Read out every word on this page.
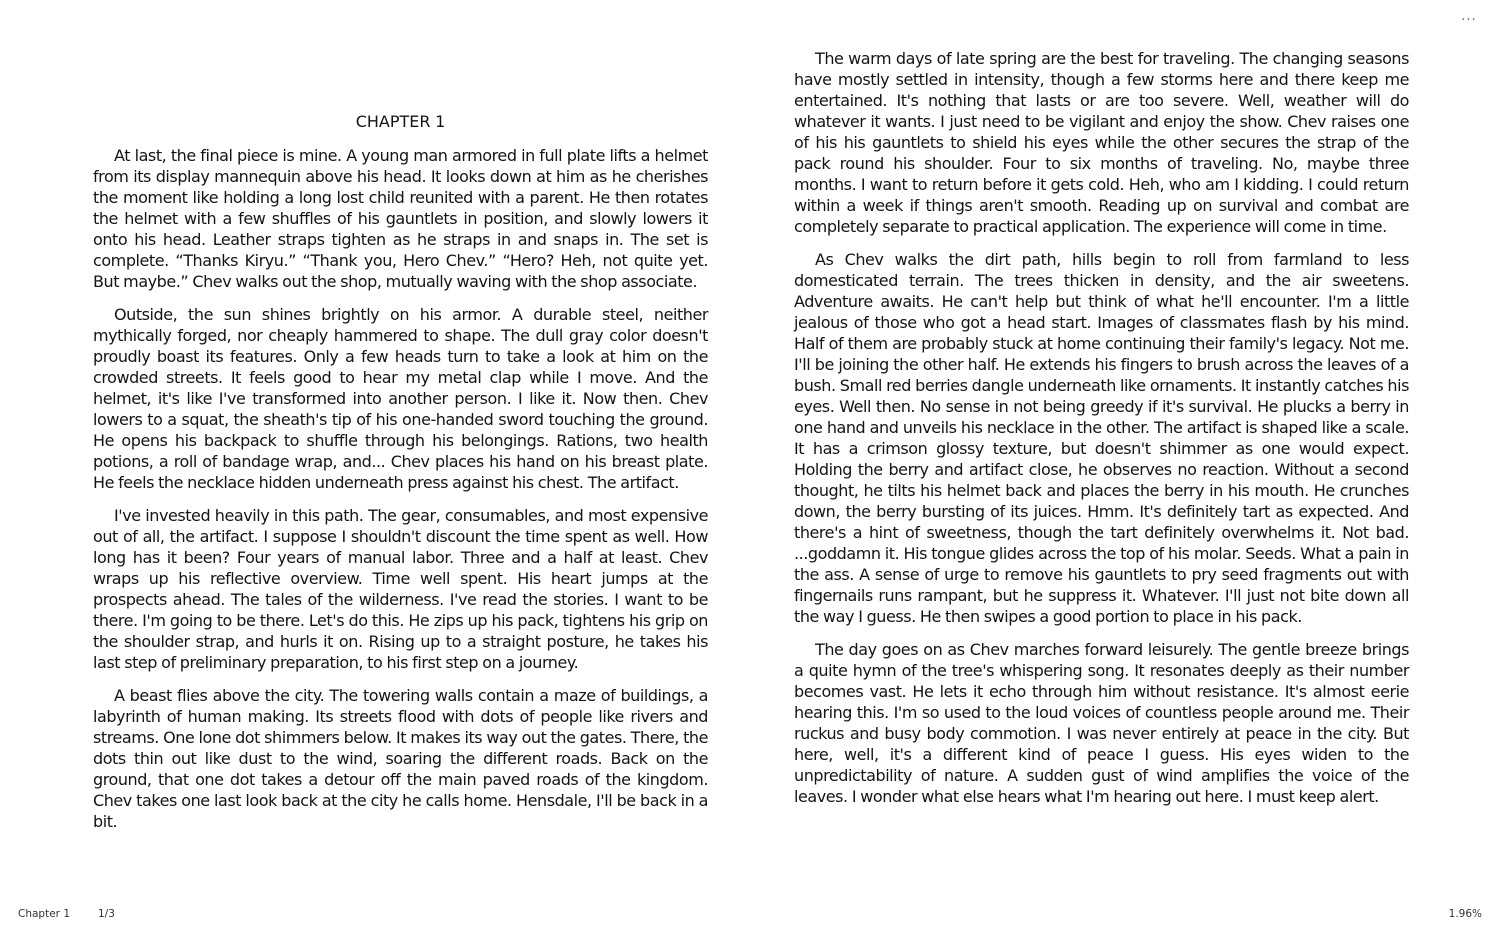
...
CHAPTER 1

At last, the final piece is mine. A young man armored in full plate lifts a helmet from its display mannequin above his head. It looks down at him as he cherishes the moment like holding a long lost child reunited with a parent. He then rotates the helmet with a few shuffles of his gauntlets in position, and slowly lowers it onto his head. Leather straps tighten as he straps in and snaps in. The set is complete. “Thanks Kiryu.” “Thank you, Hero Chev.” “Hero? Heh, not quite yet. But maybe.” Chev walks out the shop, mutually waving with the shop associate.

Outside, the sun shines brightly on his armor. A durable steel, neither mythically forged, nor cheaply hammered to shape. The dull gray color doesn't proudly boast its features. Only a few heads turn to take a look at him on the crowded streets. It feels good to hear my metal clap while I move. And the helmet, it's like I've transformed into another person. I like it. Now then. Chev lowers to a squat, the sheath's tip of his one-handed sword touching the ground. He opens his backpack to shuffle through his belongings. Rations, two health potions, a roll of bandage wrap, and... Chev places his hand on his breast plate. He feels the necklace hidden underneath press against his chest. The artifact.

I've invested heavily in this path. The gear, consumables, and most expensive out of all, the artifact. I suppose I shouldn't discount the time spent as well. How long has it been? Four years of manual labor. Three and a half at least. Chev wraps up his reflective overview. Time well spent. His heart jumps at the prospects ahead. The tales of the wilderness. I've read the stories. I want to be there. I'm going to be there. Let's do this. He zips up his pack, tightens his grip on the shoulder strap, and hurls it on. Rising up to a straight posture, he takes his last step of preliminary preparation, to his first step on a journey.

A beast flies above the city. The towering walls contain a maze of buildings, a labyrinth of human making. Its streets flood with dots of people like rivers and streams. One lone dot shimmers below. It makes its way out the gates. There, the dots thin out like dust to the wind, soaring the different roads. Back on the ground, that one dot takes a detour off the main paved roads of the kingdom. Chev takes one last look back at the city he calls home. Hensdale, I'll be back in a bit.

The warm days of late spring are the best for traveling. The changing seasons have mostly settled in intensity, though a few storms here and there keep me entertained. It's nothing that lasts or are too severe. Well, weather will do whatever it wants. I just need to be vigilant and enjoy the show. Chev raises one of his his gauntlets to shield his eyes while the other secures the strap of the pack round his shoulder. Four to six months of traveling. No, maybe three months. I want to return before it gets cold. Heh, who am I kidding. I could return within a week if things aren't smooth. Reading up on survival and combat are completely separate to practical application. The experience will come in time.

As Chev walks the dirt path, hills begin to roll from farmland to less domesticated terrain. The trees thicken in density, and the air sweetens. Adventure awaits. He can't help but think of what he'll encounter. I'm a little jealous of those who got a head start. Images of classmates flash by his mind. Half of them are probably stuck at home continuing their family's legacy. Not me. I'll be joining the other half. He extends his fingers to brush across the leaves of a bush. Small red berries dangle underneath like ornaments. It instantly catches his eyes. Well then. No sense in not being greedy if it's survival. He plucks a berry in one hand and unveils his necklace in the other. The artifact is shaped like a scale. It has a crimson glossy texture, but doesn't shimmer as one would expect. Holding the berry and artifact close, he observes no reaction. Without a second thought, he tilts his helmet back and places the berry in his mouth. He crunches down, the berry bursting of its juices. Hmm. It's definitely tart as expected. And there's a hint of sweetness, though the tart definitely overwhelms it. Not bad. ...goddamn it. His tongue glides across the top of his molar. Seeds. What a pain in the ass. A sense of urge to remove his gauntlets to pry seed fragments out with fingernails runs rampant, but he suppress it. Whatever. I'll just not bite down all the way I guess. He then swipes a good portion to place in his pack.

The day goes on as Chev marches forward leisurely. The gentle breeze brings a quite hymn of the tree's whispering song. It resonates deeply as their number becomes vast. He lets it echo through him without resistance. It's almost eerie hearing this. I'm so used to the loud voices of countless people around me. Their ruckus and busy body commotion. I was never entirely at peace in the city. But here, well, it's a different kind of peace I guess. His eyes widen to the unpredictability of nature. A sudden gust of wind amplifies the voice of the leaves. I wonder what else hears what I'm hearing out here. I must keep alert.

Chapter 1	1/3	1.96%
